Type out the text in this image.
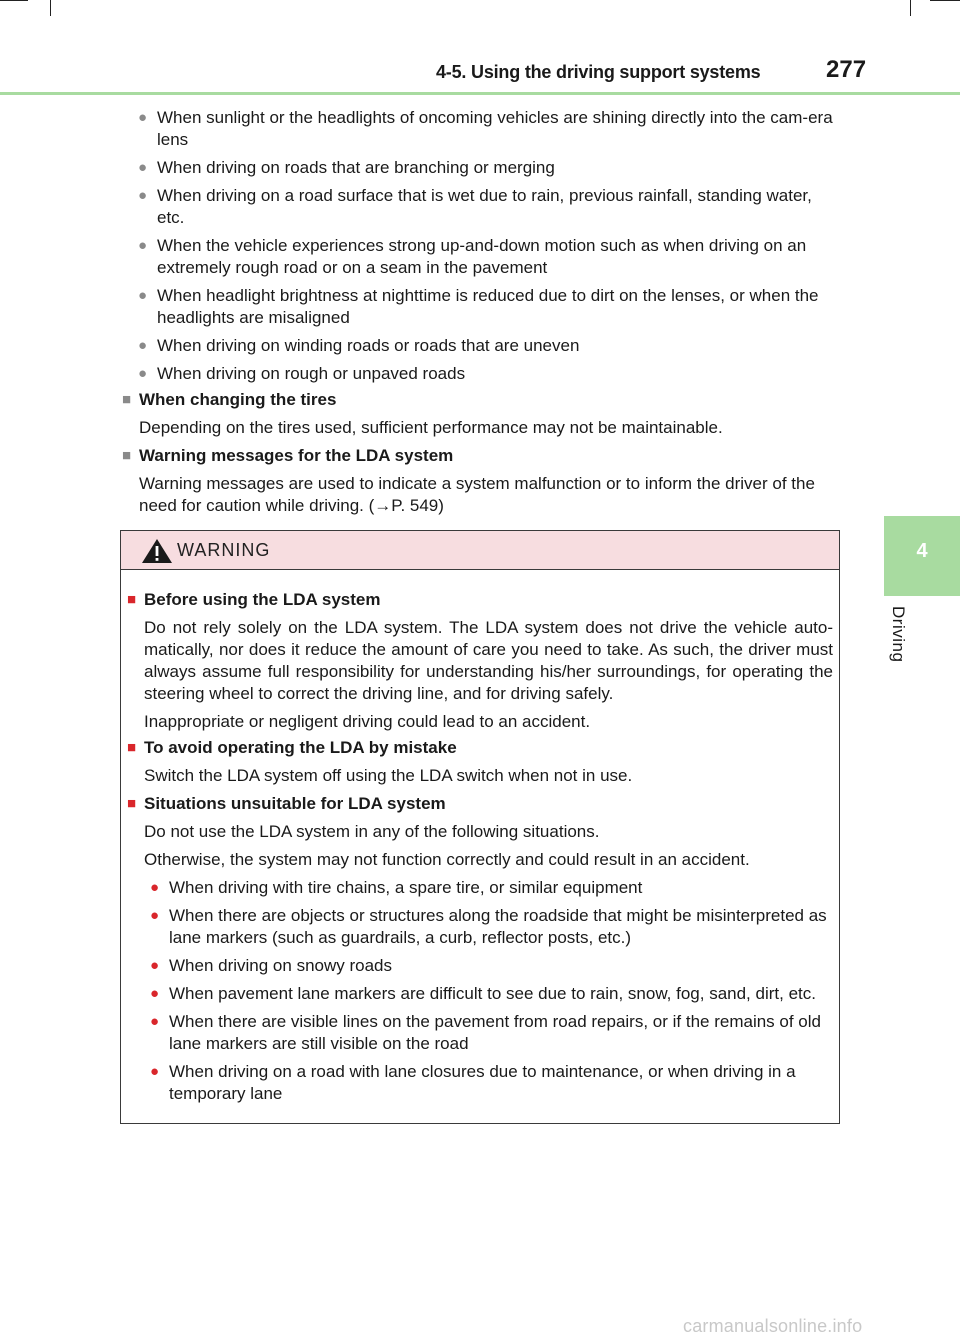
4-5. Using the driving support systems	277
4
Driving
● When sunlight or the headlights of oncoming vehicles are shining directly into the cam-era lens
● When driving on roads that are branching or merging
● When driving on a road surface that is wet due to rain, previous rainfall, standing water, etc.
● When the vehicle experiences strong up-and-down motion such as when driving on an extremely rough road or on a seam in the pavement
● When headlight brightness at nighttime is reduced due to dirt on the lenses, or when the headlights are misaligned
● When driving on winding roads or roads that are uneven
● When driving on rough or unpaved roads
■ When changing the tires
Depending on the tires used, sufficient performance may not be maintainable.
■ Warning messages for the LDA system
Warning messages are used to indicate a system malfunction or to inform the driver of the need for caution while driving. (→P. 549)
WARNING
■ Before using the LDA system

Do not rely solely on the LDA system. The LDA system does not drive the vehicle auto-matically, nor does it reduce the amount of care you need to take. As such, the driver must always assume full responsibility for understanding his/her surroundings, for operating the steering wheel to correct the driving line, and for driving safely.

Inappropriate or negligent driving could lead to an accident.

■ To avoid operating the LDA by mistake

Switch the LDA system off using the LDA switch when not in use.

■ Situations unsuitable for LDA system

Do not use the LDA system in any of the following situations.

Otherwise, the system may not function correctly and could result in an accident.

● When driving with tire chains, a spare tire, or similar equipment
● When there are objects or structures along the roadside that might be misinterpreted as lane markers (such as guardrails, a curb, reflector posts, etc.)
● When driving on snowy roads
● When pavement lane markers are difficult to see due to rain, snow, fog, sand, dirt, etc.
● When there are visible lines on the pavement from road repairs, or if the remains of old lane markers are still visible on the road
● When driving on a road with lane closures due to maintenance, or when driving in a temporary lane
carmanualsonline.info
